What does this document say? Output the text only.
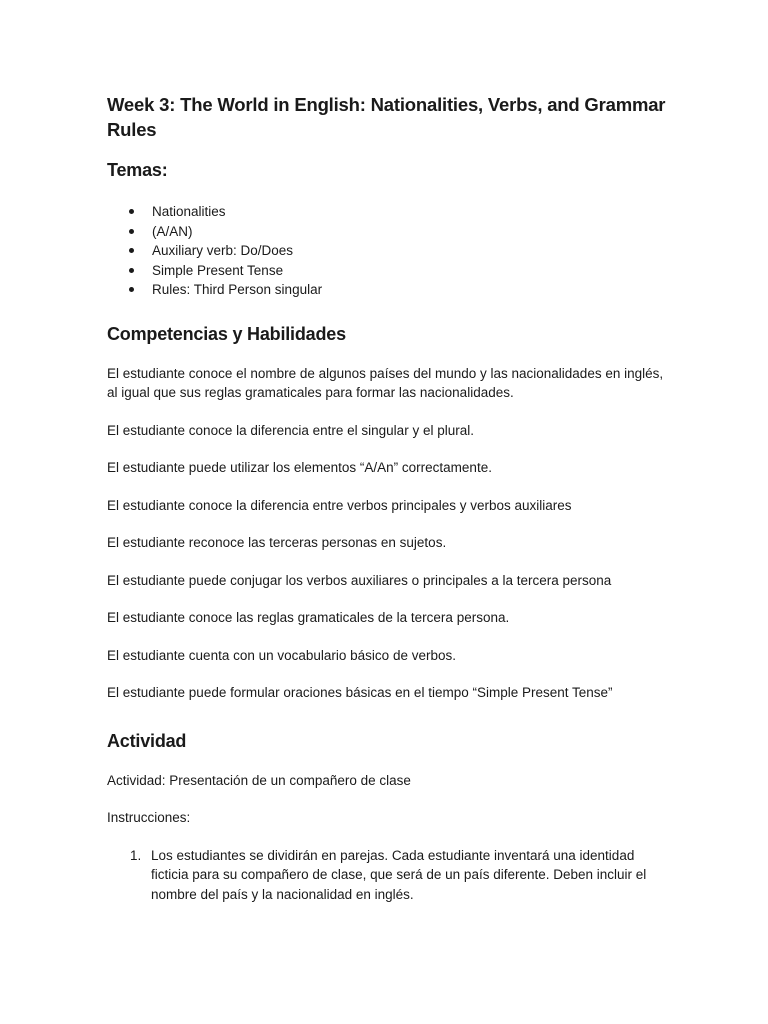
Week 3: The World in English: Nationalities, Verbs, and Grammar Rules
Temas:
Nationalities
(A/AN)
Auxiliary verb: Do/Does
Simple Present Tense
Rules: Third Person singular
Competencias y Habilidades

El estudiante conoce el nombre de algunos países del mundo y las nacionalidades en inglés, al igual que sus reglas gramaticales para formar las nacionalidades.

El estudiante conoce la diferencia entre el singular y el plural.

El estudiante puede utilizar los elementos “A/An” correctamente.

El estudiante conoce la diferencia entre verbos principales y verbos auxiliares

El estudiante reconoce las terceras personas en sujetos.

El estudiante puede conjugar los verbos auxiliares o principales a la tercera persona

El estudiante conoce las reglas gramaticales de la tercera persona.

El estudiante cuenta con un vocabulario básico de verbos.

El estudiante puede formular oraciones básicas en el tiempo “Simple Present Tense”

Actividad

Actividad: Presentación de un compañero de clase

Instrucciones:

1. Los estudiantes se dividirán en parejas. Cada estudiante inventará una identidad ficticia para su compañero de clase, que será de un país diferente. Deben incluir el nombre del país y la nacionalidad en inglés.
